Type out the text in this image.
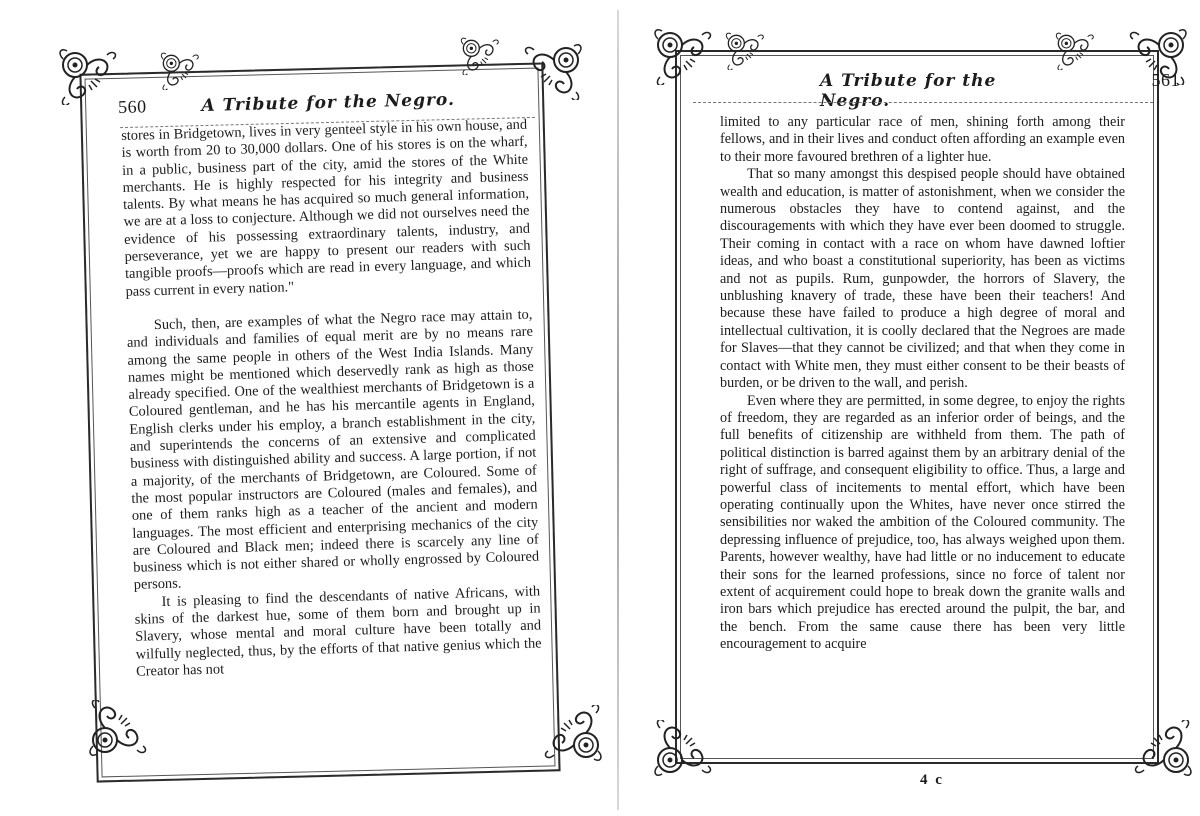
560	A Tribute for the Negro.

stores in Bridgetown, lives in very genteel style in his own house, and is worth from 20 to 30,000 dollars. One of his stores is on the wharf, in a public, business part of the city, amid the stores of the White merchants. He is highly respected for his integrity and business talents. By what means he has acquired so much general information, we are at a loss to conjecture. Although we did not ourselves need the evidence of his possessing extraordinary talents, industry, and perseverance, yet we are happy to present our readers with such tangible proofs—proofs which are read in every language, and which pass current in every nation."

Such, then, are examples of what the Negro race may attain to, and individuals and families of equal merit are by no means rare among the same people in others of the West India Islands. Many names might be mentioned which deservedly rank as high as those already specified. One of the wealthiest merchants of Bridgetown is a Coloured gentleman, and he has his mercantile agents in England, English clerks under his employ, a branch establishment in the city, and superintends the concerns of an extensive and complicated business with distinguished ability and success. A large portion, if not a majority, of the merchants of Bridgetown, are Coloured. Some of the most popular instructors are Coloured (males and females), and one of them ranks high as a teacher of the ancient and modern languages. The most efficient and enterprising mechanics of the city are Coloured and Black men; indeed there is scarcely any line of business which is not either shared or wholly engrossed by Coloured persons.

It is pleasing to find the descendants of native Africans, with skins of the darkest hue, some of them born and brought up in Slavery, whose mental and moral culture have been totally and wilfully neglected, thus, by the efforts of that native genius which the Creator has not

A Tribute for the Negro.
561

limited to any particular race of men, shining forth among their fellows, and in their lives and conduct often affording an example even to their more favoured brethren of a lighter hue.

That so many amongst this despised people should have obtained wealth and education, is matter of astonishment, when we consider the numerous obstacles they have to contend against, and the discouragements with which they have ever been doomed to struggle. Their coming in contact with a race on whom have dawned loftier ideas, and who boast a constitutional superiority, has been as victims and not as pupils. Rum, gunpowder, the horrors of Slavery, the unblushing knavery of trade, these have been their teachers! And because these have failed to produce a high degree of moral and intellectual cultivation, it is coolly declared that the Negroes are made for Slaves—that they cannot be civilized; and that when they come in contact with White men, they must either consent to be their beasts of burden, or be driven to the wall, and perish.

Even where they are permitted, in some degree, to enjoy the rights of freedom, they are regarded as an inferior order of beings, and the full benefits of citizenship are withheld from them. The path of political distinction is barred against them by an arbitrary denial of the right of suffrage, and consequent eligibility to office. Thus, a large and powerful class of incitements to mental effort, which have been operating continually upon the Whites, have never once stirred the sensibilities nor waked the ambition of the Coloured community. The depressing influence of prejudice, too, has always weighed upon them. Parents, however wealthy, have had little or no inducement to educate their sons for the learned professions, since no force of talent nor extent of acquirement could hope to break down the granite walls and iron bars which prejudice has erected around the pulpit, the bar, and the bench. From the same cause there has been very little encouragement to acquire

4 c
